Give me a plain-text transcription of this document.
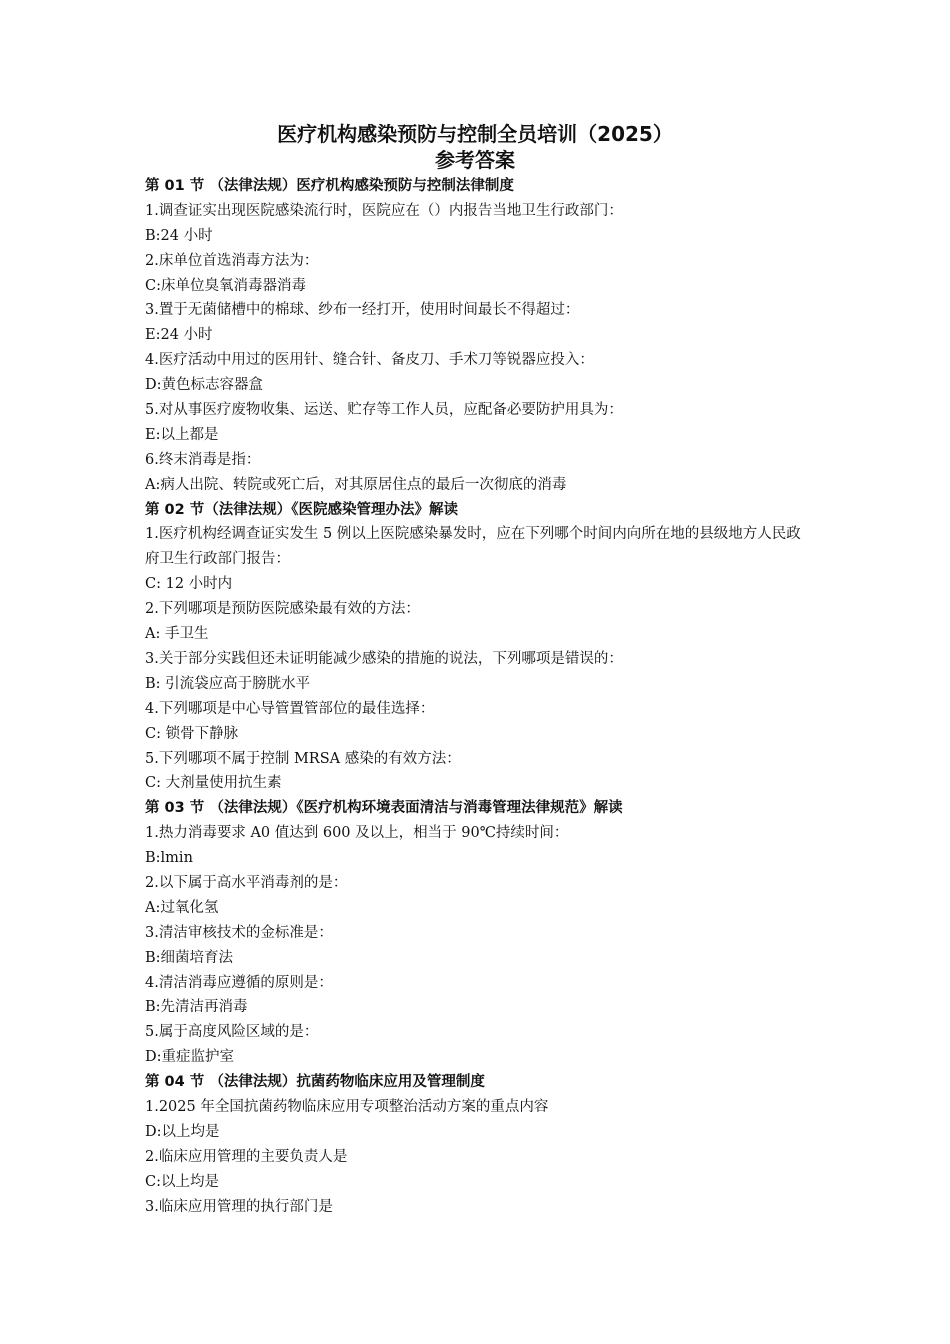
医疗机构感染预防与控制全员培训（2025）
参考答案
第 01 节 （法律法规）医疗机构感染预防与控制法律制度
1.调查证实出现医院感染流行时，医院应在（）内报告当地卫生行政部门：
B:24 小时
2.床单位首选消毒方法为：
C:床单位臭氧消毒器消毒
3.置于无菌储槽中的棉球、纱布一经打开，使用时间最长不得超过：
E:24 小时
4.医疗活动中用过的医用针、缝合针、备皮刀、手术刀等锐器应投入：
D:黄色标志容器盒
5.对从事医疗废物收集、运送、贮存等工作人员，应配备必要防护用具为：
E:以上都是
6.终末消毒是指：
A:病人出院、转院或死亡后，对其原居住点的最后一次彻底的消毒
第 02 节（法律法规）《医院感染管理办法》解读
1.医疗机构经调查证实发生 5 例以上医院感染暴发时，应在下列哪个时间内向所在地的县级地方人民政府卫生行政部门报告：
C: 12 小时内
2.下列哪项是预防医院感染最有效的方法：
A: 手卫生
3.关于部分实践但还未证明能减少感染的措施的说法，下列哪项是错误的：
B: 引流袋应高于膀胱水平
4.下列哪项是中心导管置管部位的最佳选择：
C: 锁骨下静脉
5.下列哪项不属于控制 MRSA 感染的有效方法：
C: 大剂量使用抗生素
第 03 节 （法律法规）《医疗机构环境表面清洁与消毒管理法律规范》解读
1.热力消毒要求 A0 值达到 600 及以上，相当于 90℃持续时间：
B:lmin
2.以下属于高水平消毒剂的是：
A:过氧化氢
3.清洁审核技术的金标准是：
B:细菌培育法
4.清洁消毒应遵循的原则是：
B:先清洁再消毒
5.属于高度风险区域的是：
D:重症监护室
第 04 节 （法律法规）抗菌药物临床应用及管理制度
1.2025 年全国抗菌药物临床应用专项整治活动方案的重点内容
D:以上均是
2.临床应用管理的主要负责人是
C:以上均是
3.临床应用管理的执行部门是
